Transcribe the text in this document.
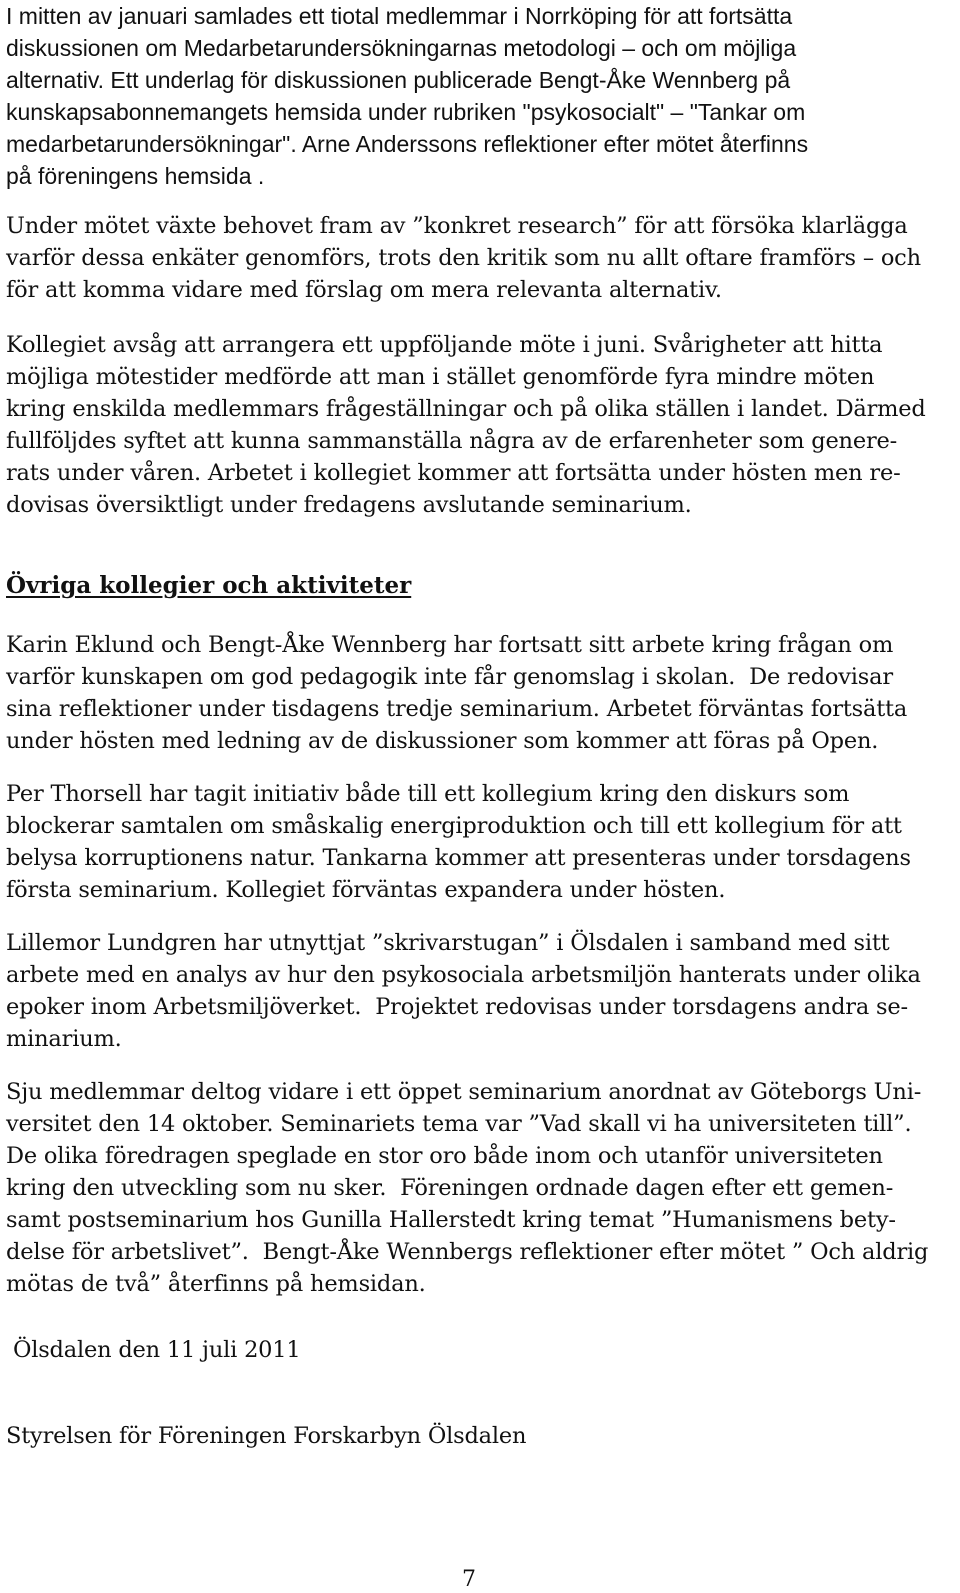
I mitten av januari samlades ett tiotal medlemmar i Norrköping för att fortsätta
diskussionen om Medarbetarundersökningarnas metodologi – och om möjliga
alternativ. Ett underlag för diskussionen publicerade Bengt-Åke Wennberg på
kunskapsabonnemangets hemsida under rubriken "psykosocialt" – "Tankar om
medarbetarundersökningar". Arne Anderssons reflektioner efter mötet återfinns
på föreningens hemsida .

Under mötet växte behovet fram av ”konkret research” för att försöka klarlägga
varför dessa enkäter genomförs, trots den kritik som nu allt oftare framförs – och
för att komma vidare med förslag om mera relevanta alternativ.

Kollegiet avsåg att arrangera ett uppföljande möte i juni. Svårigheter att hitta
möjliga mötestider medförde att man i stället genomförde fyra mindre möten
kring enskilda medlemmars frågeställningar och på olika ställen i landet. Därmed
fullföljdes syftet att kunna sammanställa några av de erfarenheter som genere-
rats under våren. Arbetet i kollegiet kommer att fortsätta under hösten men re-
dovisas översiktligt under fredagens avslutande seminarium.

Övriga kollegier och aktiviteter

Karin Eklund och Bengt-Åke Wennberg har fortsatt sitt arbete kring frågan om
varför kunskapen om god pedagogik inte får genomslag i skolan.  De redovisar
sina reflektioner under tisdagens tredje seminarium. Arbetet förväntas fortsätta
under hösten med ledning av de diskussioner som kommer att föras på Open.

Per Thorsell har tagit initiativ både till ett kollegium kring den diskurs som
blockerar samtalen om småskalig energiproduktion och till ett kollegium för att
belysa korruptionens natur. Tankarna kommer att presenteras under torsdagens
första seminarium. Kollegiet förväntas expandera under hösten.

Lillemor Lundgren har utnyttjat ”skrivarstugan” i Ölsdalen i samband med sitt
arbete med en analys av hur den psykosociala arbetsmiljön hanterats under olika
epoker inom Arbetsmiljöverket.  Projektet redovisas under torsdagens andra se-
minarium.

Sju medlemmar deltog vidare i ett öppet seminarium anordnat av Göteborgs Uni-
versitet den 14 oktober. Seminariets tema var ”Vad skall vi ha universiteten till”.
De olika föredragen speglade en stor oro både inom och utanför universiteten
kring den utveckling som nu sker.  Föreningen ordnade dagen efter ett gemen-
samt postseminarium hos Gunilla Hallerstedt kring temat ”Humanismens bety-
delse för arbetslivet”.  Bengt-Åke Wennbergs reflektioner efter mötet ” Och aldrig
mötas de två” återfinns på hemsidan.

Ölsdalen den 11 juli 2011

Styrelsen för Föreningen Forskarbyn Ölsdalen

7
